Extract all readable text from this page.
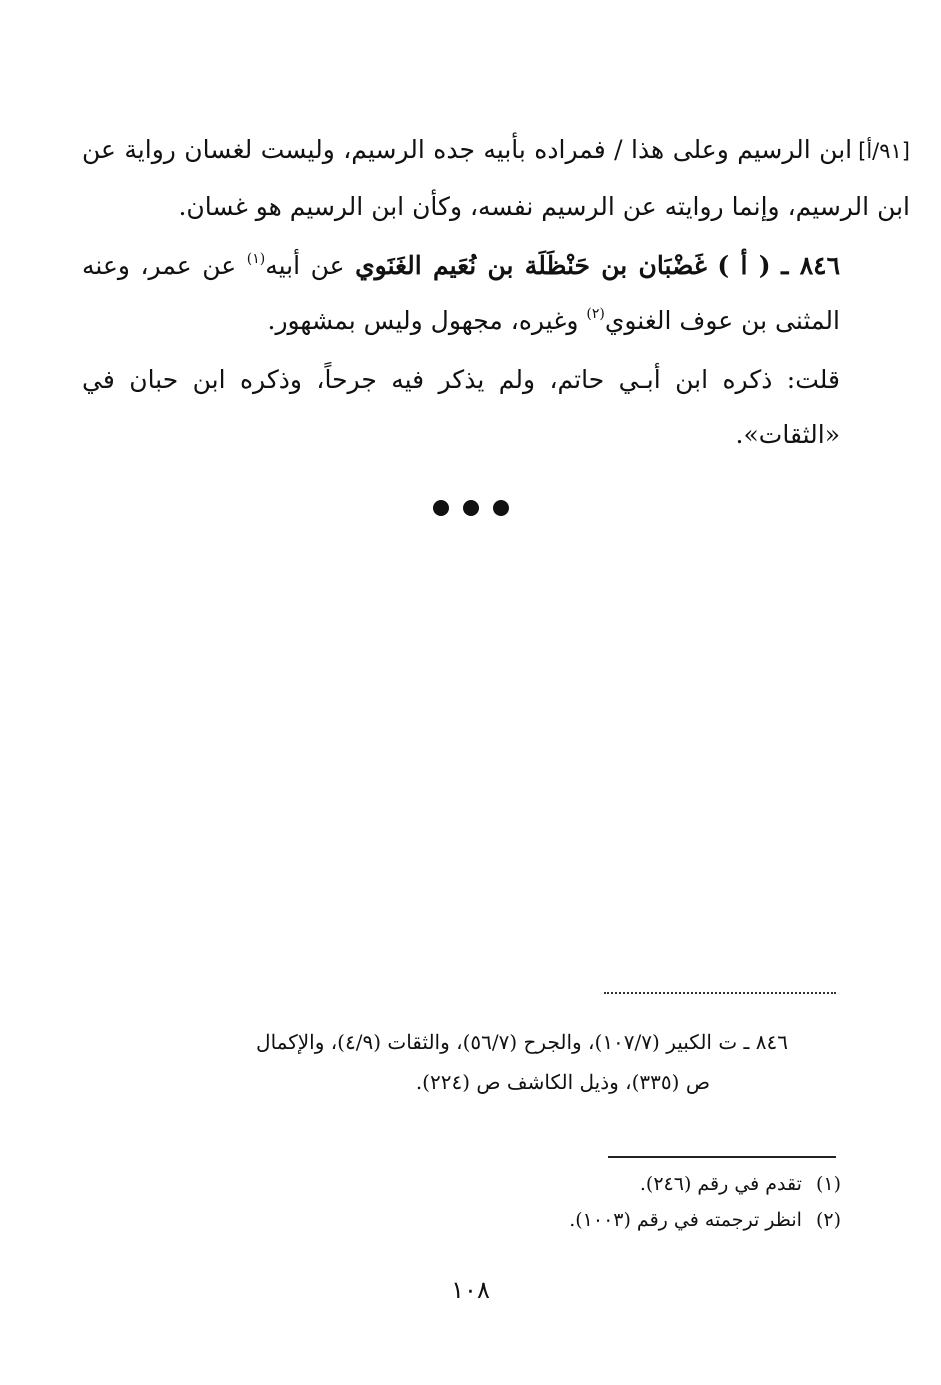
[٩١/أ]ابن الرسيم وعلى هذا / فمراده بأبيه جده الرسيم، وليست لغسان رواية عن ابن الرسيم، وإنما روايته عن الرسيم نفسه، وكأن ابن الرسيم هو غسان.

٨٤٦ ـ ( أ ) غَضْبَان بن حَنْظَلَة بن نُعَيم الغَنَوي عن أبيه$^{(١)}$ عن عمر، وعنه المثنى بن عوف الغنوي$^{(٢)}$ وغيره، مجهول وليس بمشهور.

قلت: ذكره ابن أبـي حاتم، ولم يذكر فيه جرحاً، وذكره ابن حبان في «الثقات».

٨٤٦ ـ ت الكبير (١٠٧/٧)، والجرح (٥٦/٧)، والثقات (٤/٩)، والإكمال
ص (٣٣٥)، وذيل الكاشف ص (٢٢٤).
(١)تقدم في رقم (٢٤٦).
(٢)انظر ترجمته في رقم (١٠٠٣).
١٠٨
